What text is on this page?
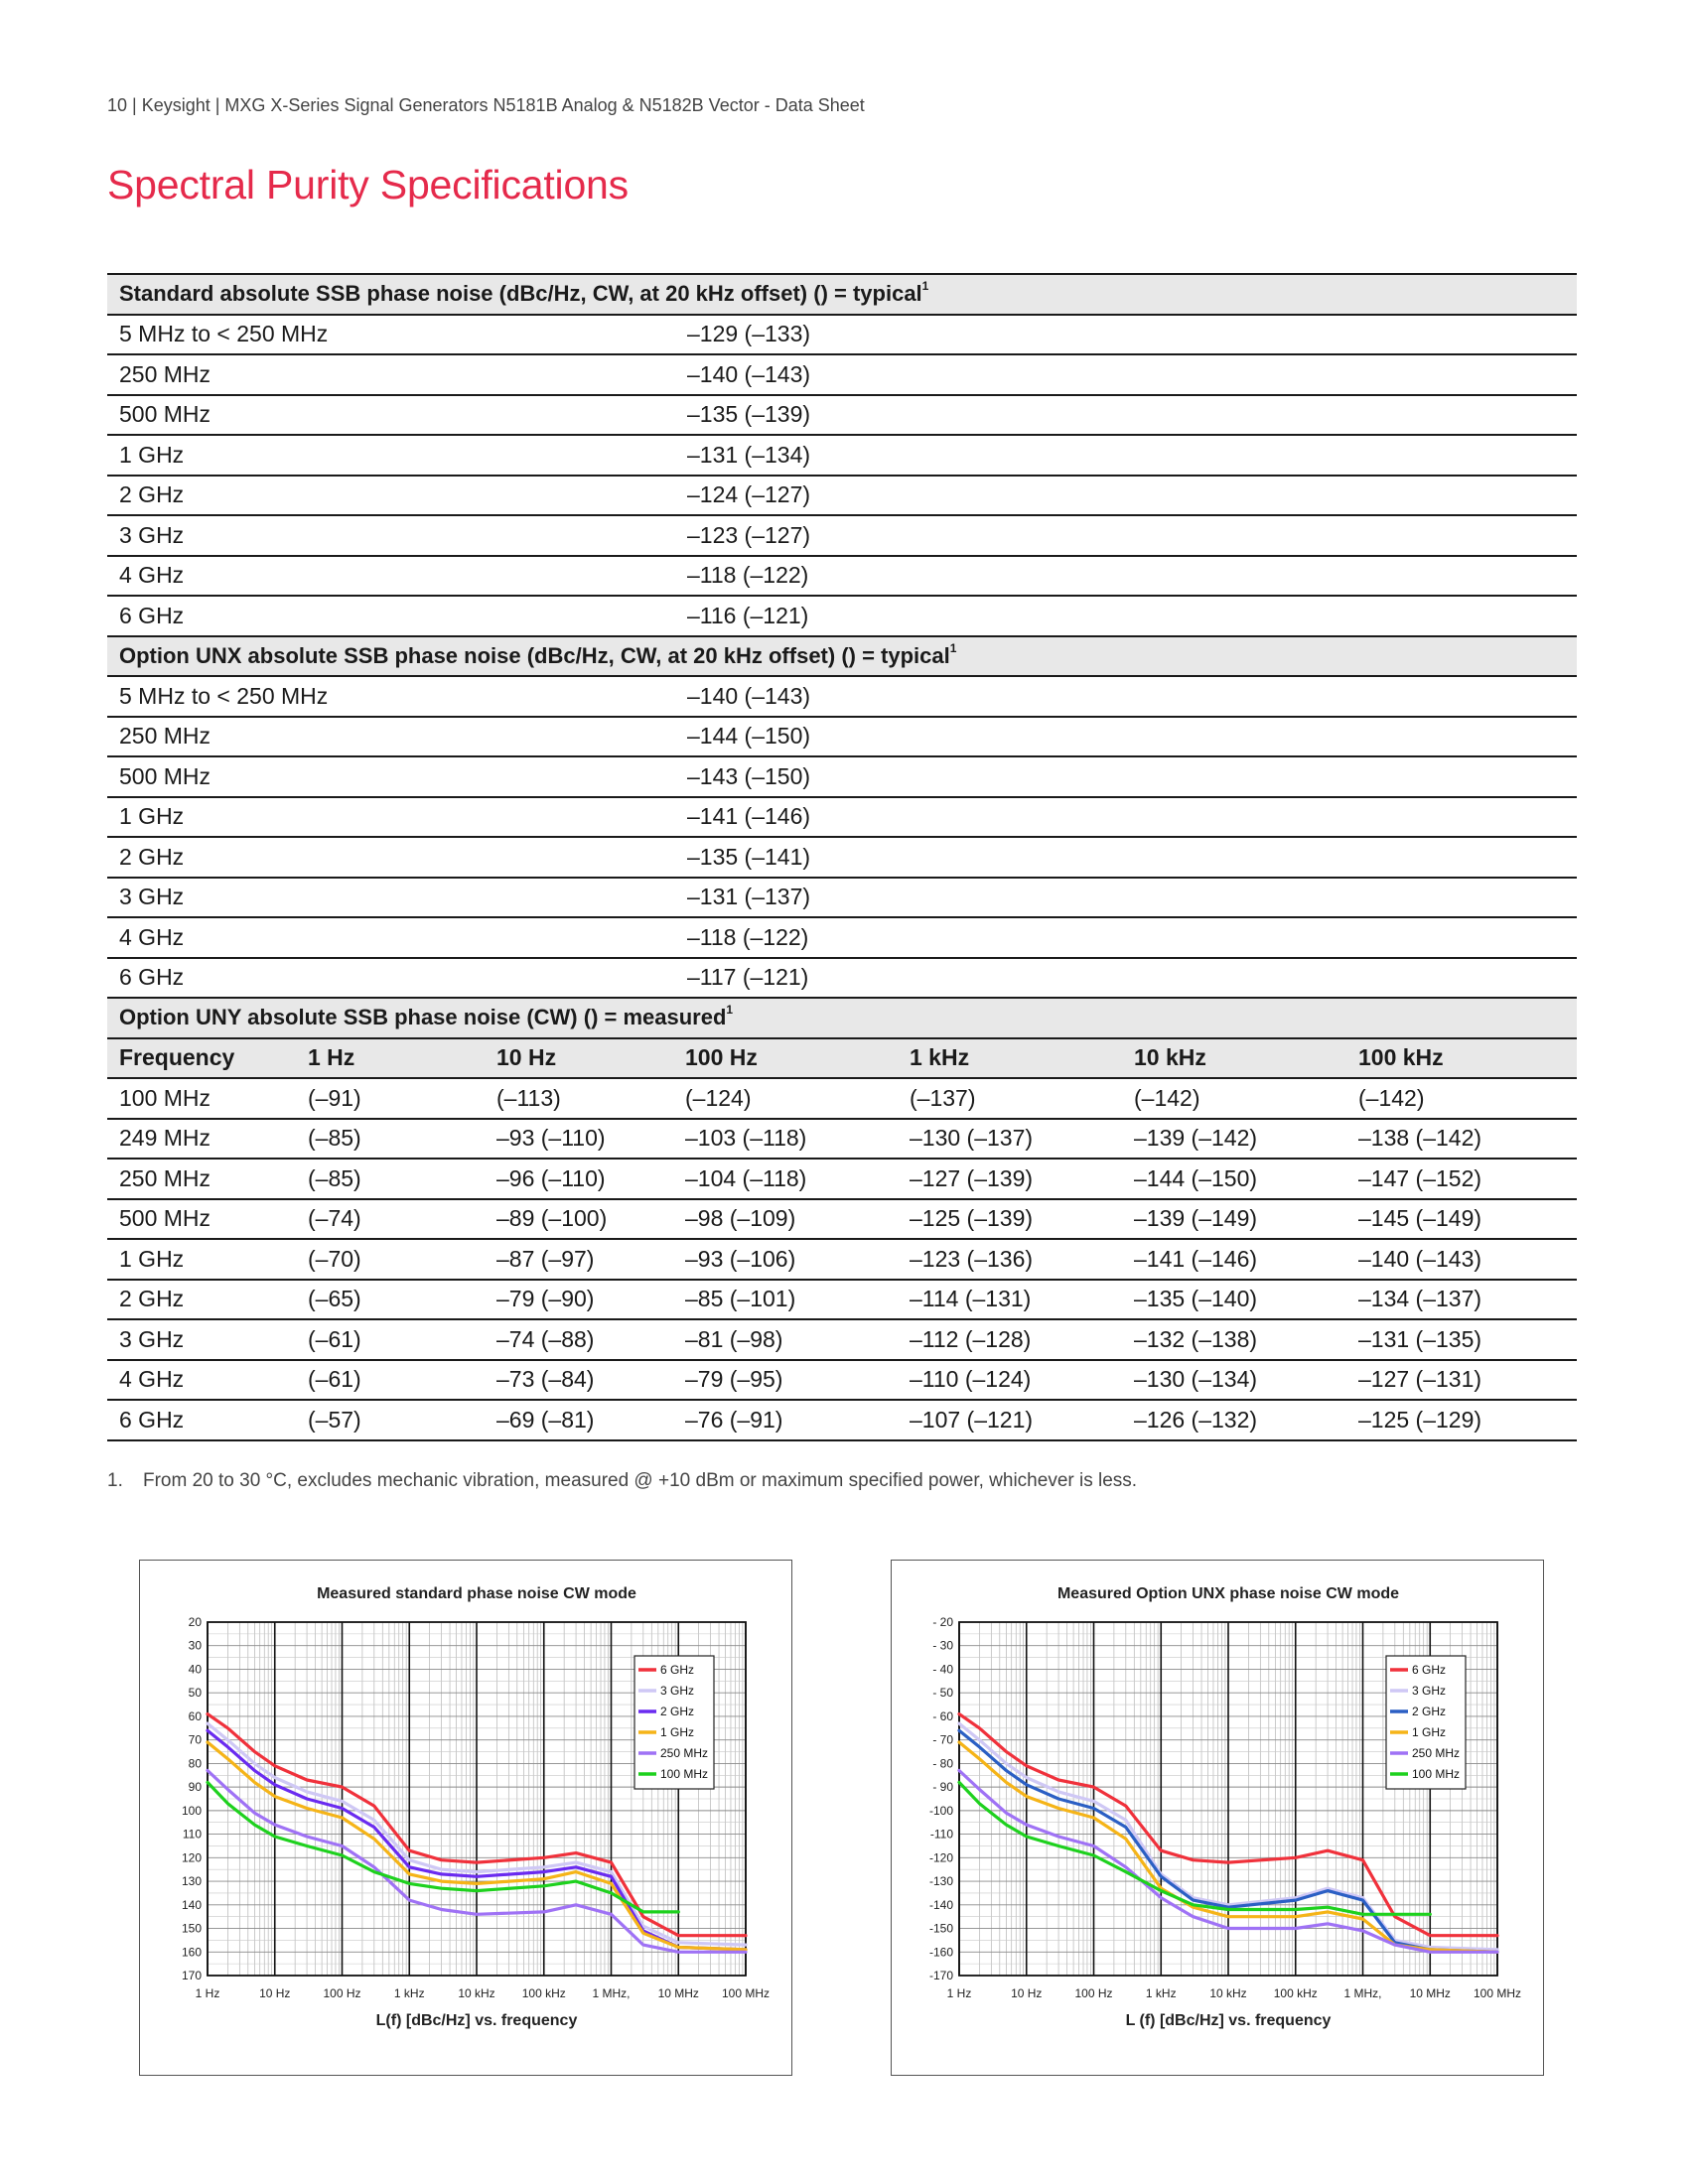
10 | Keysight | MXG X-Series Signal Generators N5181B Analog & N5182B Vector - Data Sheet
Spectral Purity Specifications
Standard absolute SSB phase noise (dBc/Hz, CW, at 20 kHz offset) () = typical$^1$
5 MHz to < 250 MHz			–129 (–133)			
250 MHz			–140 (–143)			
500 MHz			–135 (–139)			
1 GHz			–131 (–134)			
2 GHz			–124 (–127)			
3 GHz			–123 (–127)			
4 GHz			–118 (–122)			
6 GHz			–116 (–121)			
Option UNX absolute SSB phase noise (dBc/Hz, CW, at 20 kHz offset) () = typical$^1$
5 MHz to < 250 MHz			–140 (–143)			
250 MHz			–144 (–150)			
500 MHz			–143 (–150)			
1 GHz			–141 (–146)			
2 GHz			–135 (–141)			
3 GHz			–131 (–137)			
4 GHz			–118 (–122)			
6 GHz			–117 (–121)			
Option UNY absolute SSB phase noise (CW) () = measured$^1$
Frequency	1 Hz	10 Hz	100 Hz	1 kHz	10 kHz	100 kHz
100 MHz	(–91)	(–113)	(–124)	(–137)	(–142)	(–142)
249 MHz	(–85)	–93 (–110)	–103 (–118)	–130 (–137)	–139 (–142)	–138 (–142)
250 MHz	(–85)	–96 (–110)	–104 (–118)	–127 (–139)	–144 (–150)	–147 (–152)
500 MHz	(–74)	–89 (–100)	–98 (–109)	–125 (–139)	–139 (–149)	–145 (–149)
1 GHz	(–70)	–87 (–97)	–93 (–106)	–123 (–136)	–141 (–146)	–140 (–143)
2 GHz	(–65)	–79 (–90)	–85 (–101)	–114 (–131)	–135 (–140)	–134 (–137)
3 GHz	(–61)	–74 (–88)	–81 (–98)	–112 (–128)	–132 (–138)	–131 (–135)
4 GHz	(–61)	–73 (–84)	–79 (–95)	–110 (–124)	–130 (–134)	–127 (–131)
6 GHz	(–57)	–69 (–81)	–76 (–91)	–107 (–121)	–126 (–132)	–125 (–129)
1. From 20 to 30 °C, excludes mechanic vibration, measured @ +10 dBm or maximum specified power, whichever is less.
Measured standard phase noise CW mode
20
30
40
50
60
70
80
90
100
110
120
130
140
150
160
170
1 Hz	10 Hz	100 Hz	1 kHz	10 kHz 100 kHz 1 MHz, 10 MHz 100 MHz
L(f) [dBc/Hz] vs. frequency
6 GHz
3 GHz
2 GHz
1 GHz
250 MHz
100 MHz
Measured Option UNX phase noise CW mode
- 20
- 30
- 40
- 50
- 60
- 70
- 80
- 90
-100
-110
-120
-130
-140
-150
-160
-170
1 Hz	10 Hz	100 Hz	1 kHz	10 kHz 100 kHz 1 MHz, 10 MHz 100 MHz
L (f) [dBc/Hz] vs. frequency
6 GHz
3 GHz
2 GHz
1 GHz
250 MHz
100 MHz
